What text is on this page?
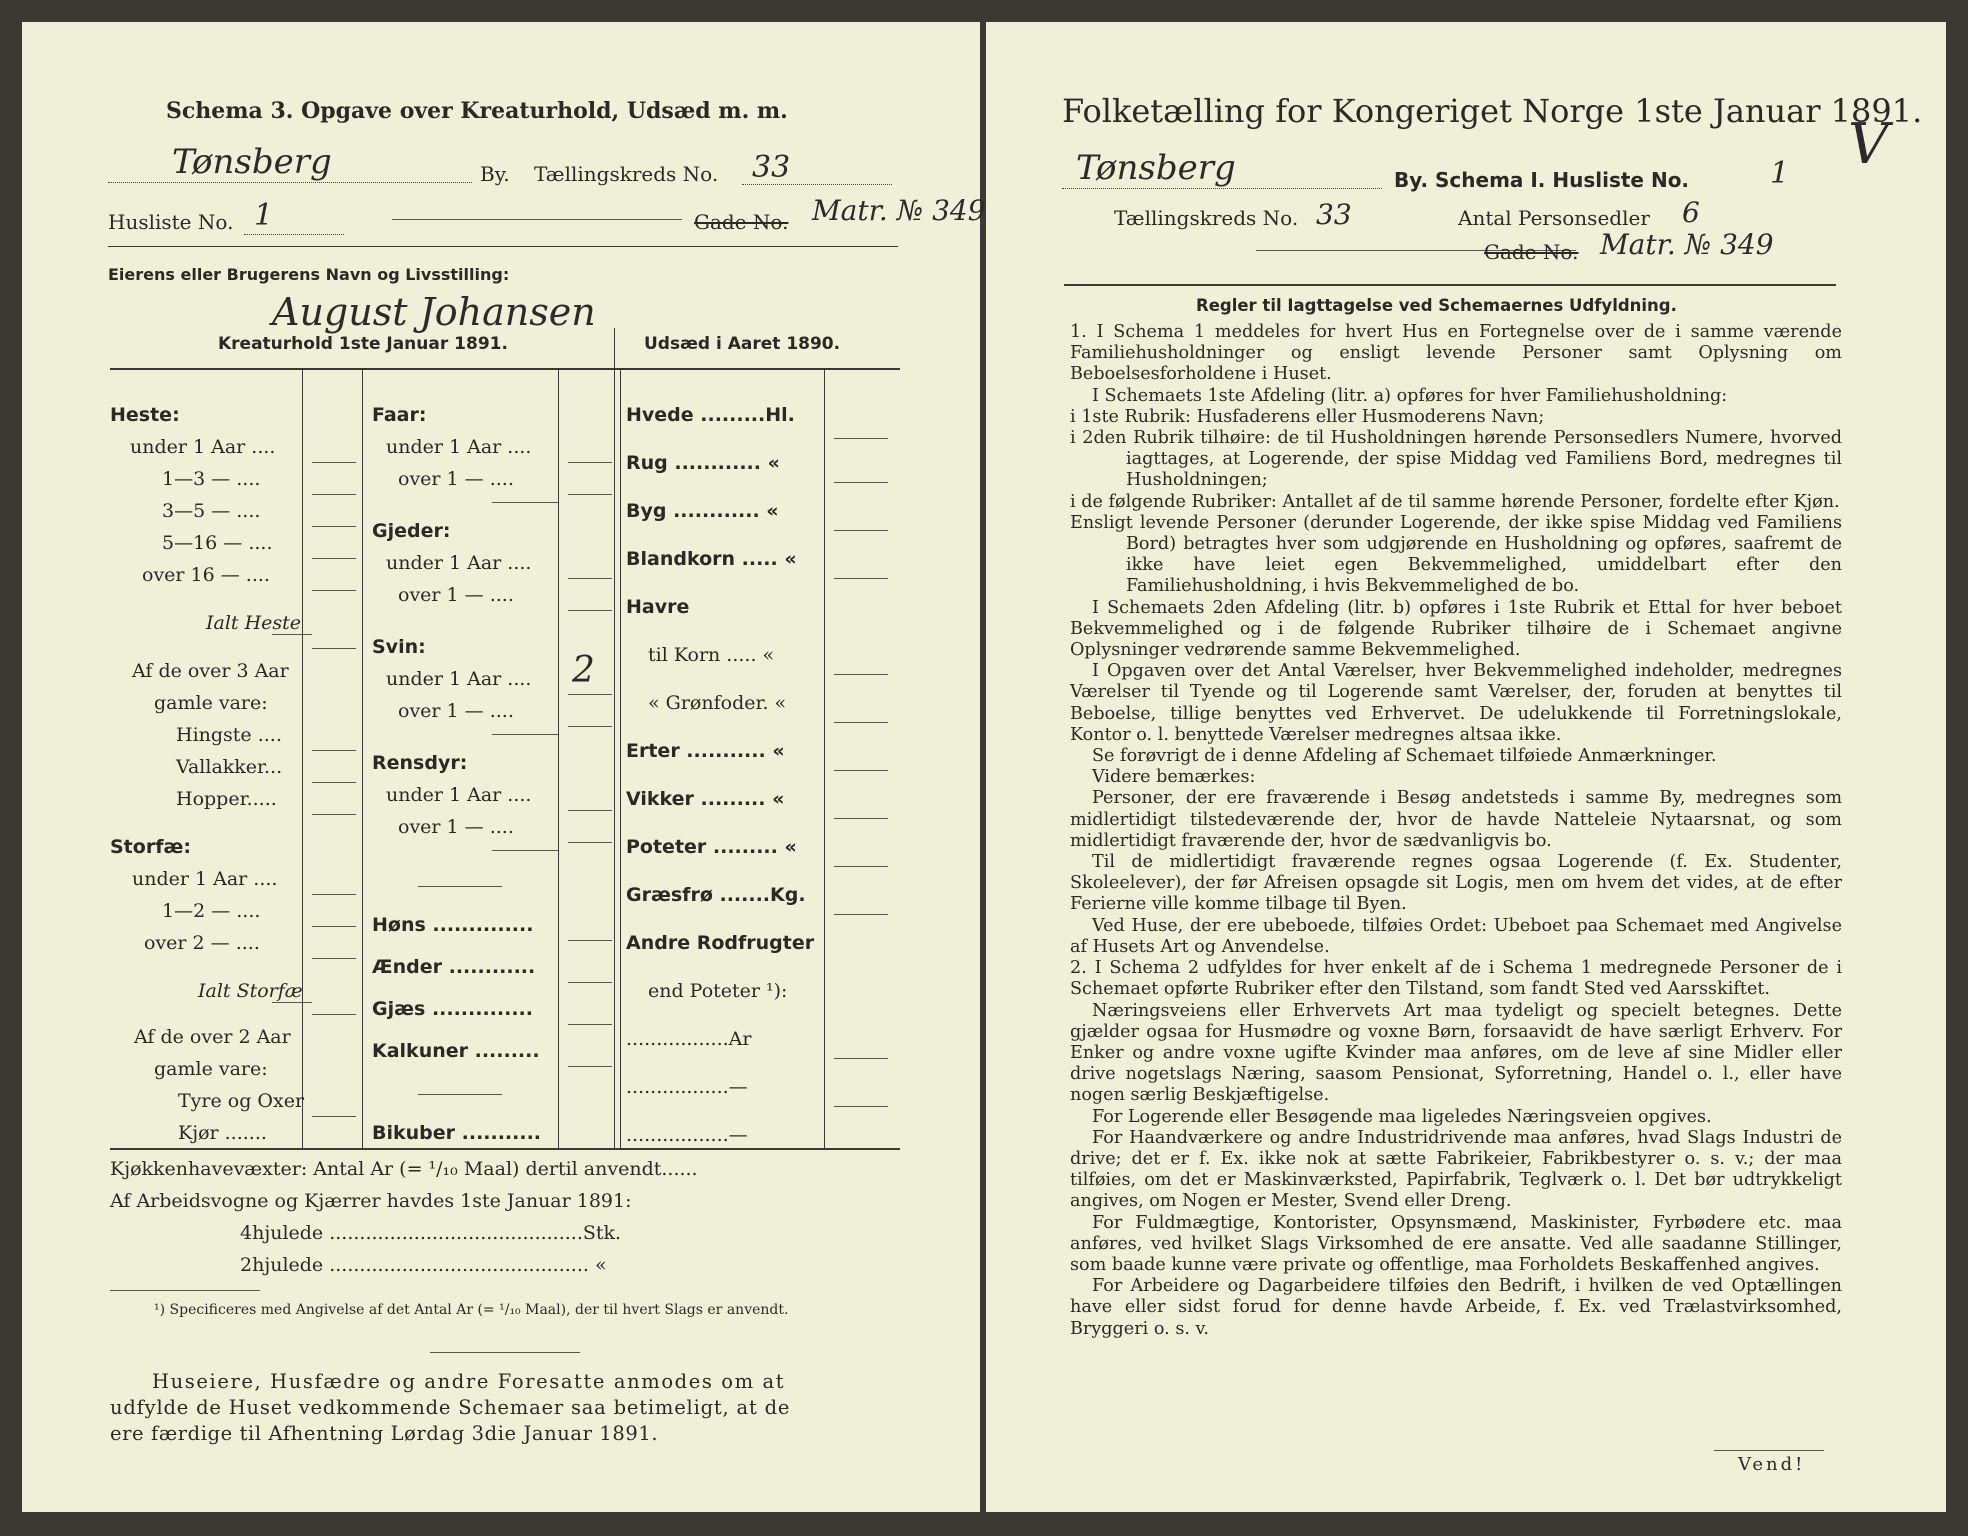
Schema 3. Opgave over Kreaturhold, Udsæd m. m.
Tønsberg	By. Tællingskreds No. 33
Husliste No. 1	Gade No. Matr. № 349
Eierens eller Brugerens Navn og Livsstilling:
August Johansen
Kreaturhold 1ste Januar 1891.	Udsæd i Aaret 1890.
Heste:
under 1 Aar ....
1—3 — ....
3—5 — ....
5—16 — ....
over 16 — ....
Ialt Heste
Af de over 3 Aar
gamle vare:
Hingste ....
Vallakker...
Hopper.....
Storfæ:
under 1 Aar ....
1—2 — ....
over 2 — ....
Ialt Storfæ
Af de over 2 Aar
gamle vare:
Tyre og Oxer
Kjør .......
Faar:
under 1 Aar ....
over 1 — ....
Gjeder:
under 1 Aar ....
over 1 — ....
Svin:
under 1 Aar .... 2
over 1 — ....
Rensdyr:
under 1 Aar ....
over 1 — ....
Høns ..............
Ænder ............
Gjæs ..............
Kalkuner .........
Bikuber ...........
Hvede .........Hl.
Rug ............ «
Byg ............ «
Blandkorn ..... «
Havre
til Korn ..... «
« Grønfoder. «
Erter ........... «
Vikker ......... «
Poteter ......... «
Græsfrø .......Kg.
Andre Rodfrugter
end Poteter ¹):
.................Ar
.................—
.................—
Kjøkkenhavevæxter: Antal Ar (= ¹/₁₀ Maal) dertil anvendt......
Af Arbeidsvogne og Kjærrer havdes 1ste Januar 1891:
4hjulede ..........................................Stk.
2hjulede ........................................... «
¹) Specificeres med Angivelse af det Antal Ar (= ¹/₁₀ Maal), der til hvert Slags er anvendt.
Huseiere, Husfædre og andre Foresatte anmodes om at
udfylde de Huset vedkommende Schemaer saa betimeligt, at de
ere færdige til Afhentning Lørdag 3die Januar 1891.
Folketælling for Kongeriget Norge 1ste Januar 1891.
V
Tønsberg	By. Schema I. Husliste No.	1
Tællingskreds No. 33	Antal Personsedler 6
Gade No. Matr. № 349
Regler til Iagttagelse ved Schemaernes Udfyldning.

1. I Schema 1 meddeles for hvert Hus en Fortegnelse over de i samme værende Familiehusholdninger og ensligt levende Personer samt Oplysning om Beboelsesforholdene i Huset.

I Schemaets 1ste Afdeling (litr. a) opføres for hver Familiehusholdning:

i 1ste Rubrik: Husfaderens eller Husmoderens Navn;

i 2den Rubrik tilhøire: de til Husholdningen hørende Personsedlers Numere, hvorved iagttages, at Logerende, der spise Middag ved Familiens Bord, medregnes til Husholdningen;

i de følgende Rubriker: Antallet af de til samme hørende Personer, fordelte efter Kjøn.

Ensligt levende Personer (derunder Logerende, der ikke spise Middag ved Familiens Bord) betragtes hver som udgjørende en Husholdning og opføres, saafremt de ikke have leiet egen Bekvemmelighed, umiddelbart efter den Familiehusholdning, i hvis Bekvemmelighed de bo.

I Schemaets 2den Afdeling (litr. b) opføres i 1ste Rubrik et Ettal for hver beboet Bekvemmelighed og i de følgende Rubriker tilhøire de i Schemaet angivne Oplysninger vedrørende samme Bekvemmelighed.

I Opgaven over det Antal Værelser, hver Bekvemmelighed indeholder, medregnes Værelser til Tyende og til Logerende samt Værelser, der, foruden at benyttes til Beboelse, tillige benyttes ved Erhvervet. De udelukkende til Forretningslokale, Kontor o. l. benyttede Værelser medregnes altsaa ikke.

Se forøvrigt de i denne Afdeling af Schemaet tilføiede Anmærkninger.

Videre bemærkes:

Personer, der ere fraværende i Besøg andetsteds i samme By, medregnes som midlertidigt tilstedeværende der, hvor de havde Natteleie Nytaarsnat, og som midlertidigt fraværende der, hvor de sædvanligvis bo.

Til de midlertidigt fraværende regnes ogsaa Logerende (f. Ex. Studenter, Skoleelever), der før Afreisen opsagde sit Logis, men om hvem det vides, at de efter Ferierne ville komme tilbage til Byen.

Ved Huse, der ere ubeboede, tilføies Ordet: Ubeboet paa Schemaet med Angivelse af Husets Art og Anvendelse.

2. I Schema 2 udfyldes for hver enkelt af de i Schema 1 medregnede Personer de i Schemaet opførte Rubriker efter den Tilstand, som fandt Sted ved Aarsskiftet.

Næringsveiens eller Erhvervets Art maa tydeligt og specielt betegnes. Dette gjælder ogsaa for Husmødre og voxne Børn, forsaavidt de have særligt Erhverv. For Enker og andre voxne ugifte Kvinder maa anføres, om de leve af sine Midler eller drive nogetslags Næring, saasom Pensionat, Syforretning, Handel o. l., eller have nogen særlig Beskjæftigelse.

For Logerende eller Besøgende maa ligeledes Næringsveien opgives.

For Haandværkere og andre Industridrivende maa anføres, hvad Slags Industri de drive; det er f. Ex. ikke nok at sætte Fabrikeier, Fabrikbestyrer o. s. v.; der maa tilføies, om det er Maskinværksted, Papirfabrik, Teglværk o. l. Det bør udtrykkeligt angives, om Nogen er Mester, Svend eller Dreng.

For Fuldmægtige, Kontorister, Opsynsmænd, Maskinister, Fyrbødere etc. maa anføres, ved hvilket Slags Virksomhed de ere ansatte. Ved alle saadanne Stillinger, som baade kunne være private og offentlige, maa Forholdets Beskaffenhed angives.

For Arbeidere og Dagarbeidere tilføies den Bedrift, i hvilken de ved Optællingen have eller sidst forud for denne havde Arbeide, f. Ex. ved Trælastvirksomhed, Bryggeri o. s. v.

Vend!
